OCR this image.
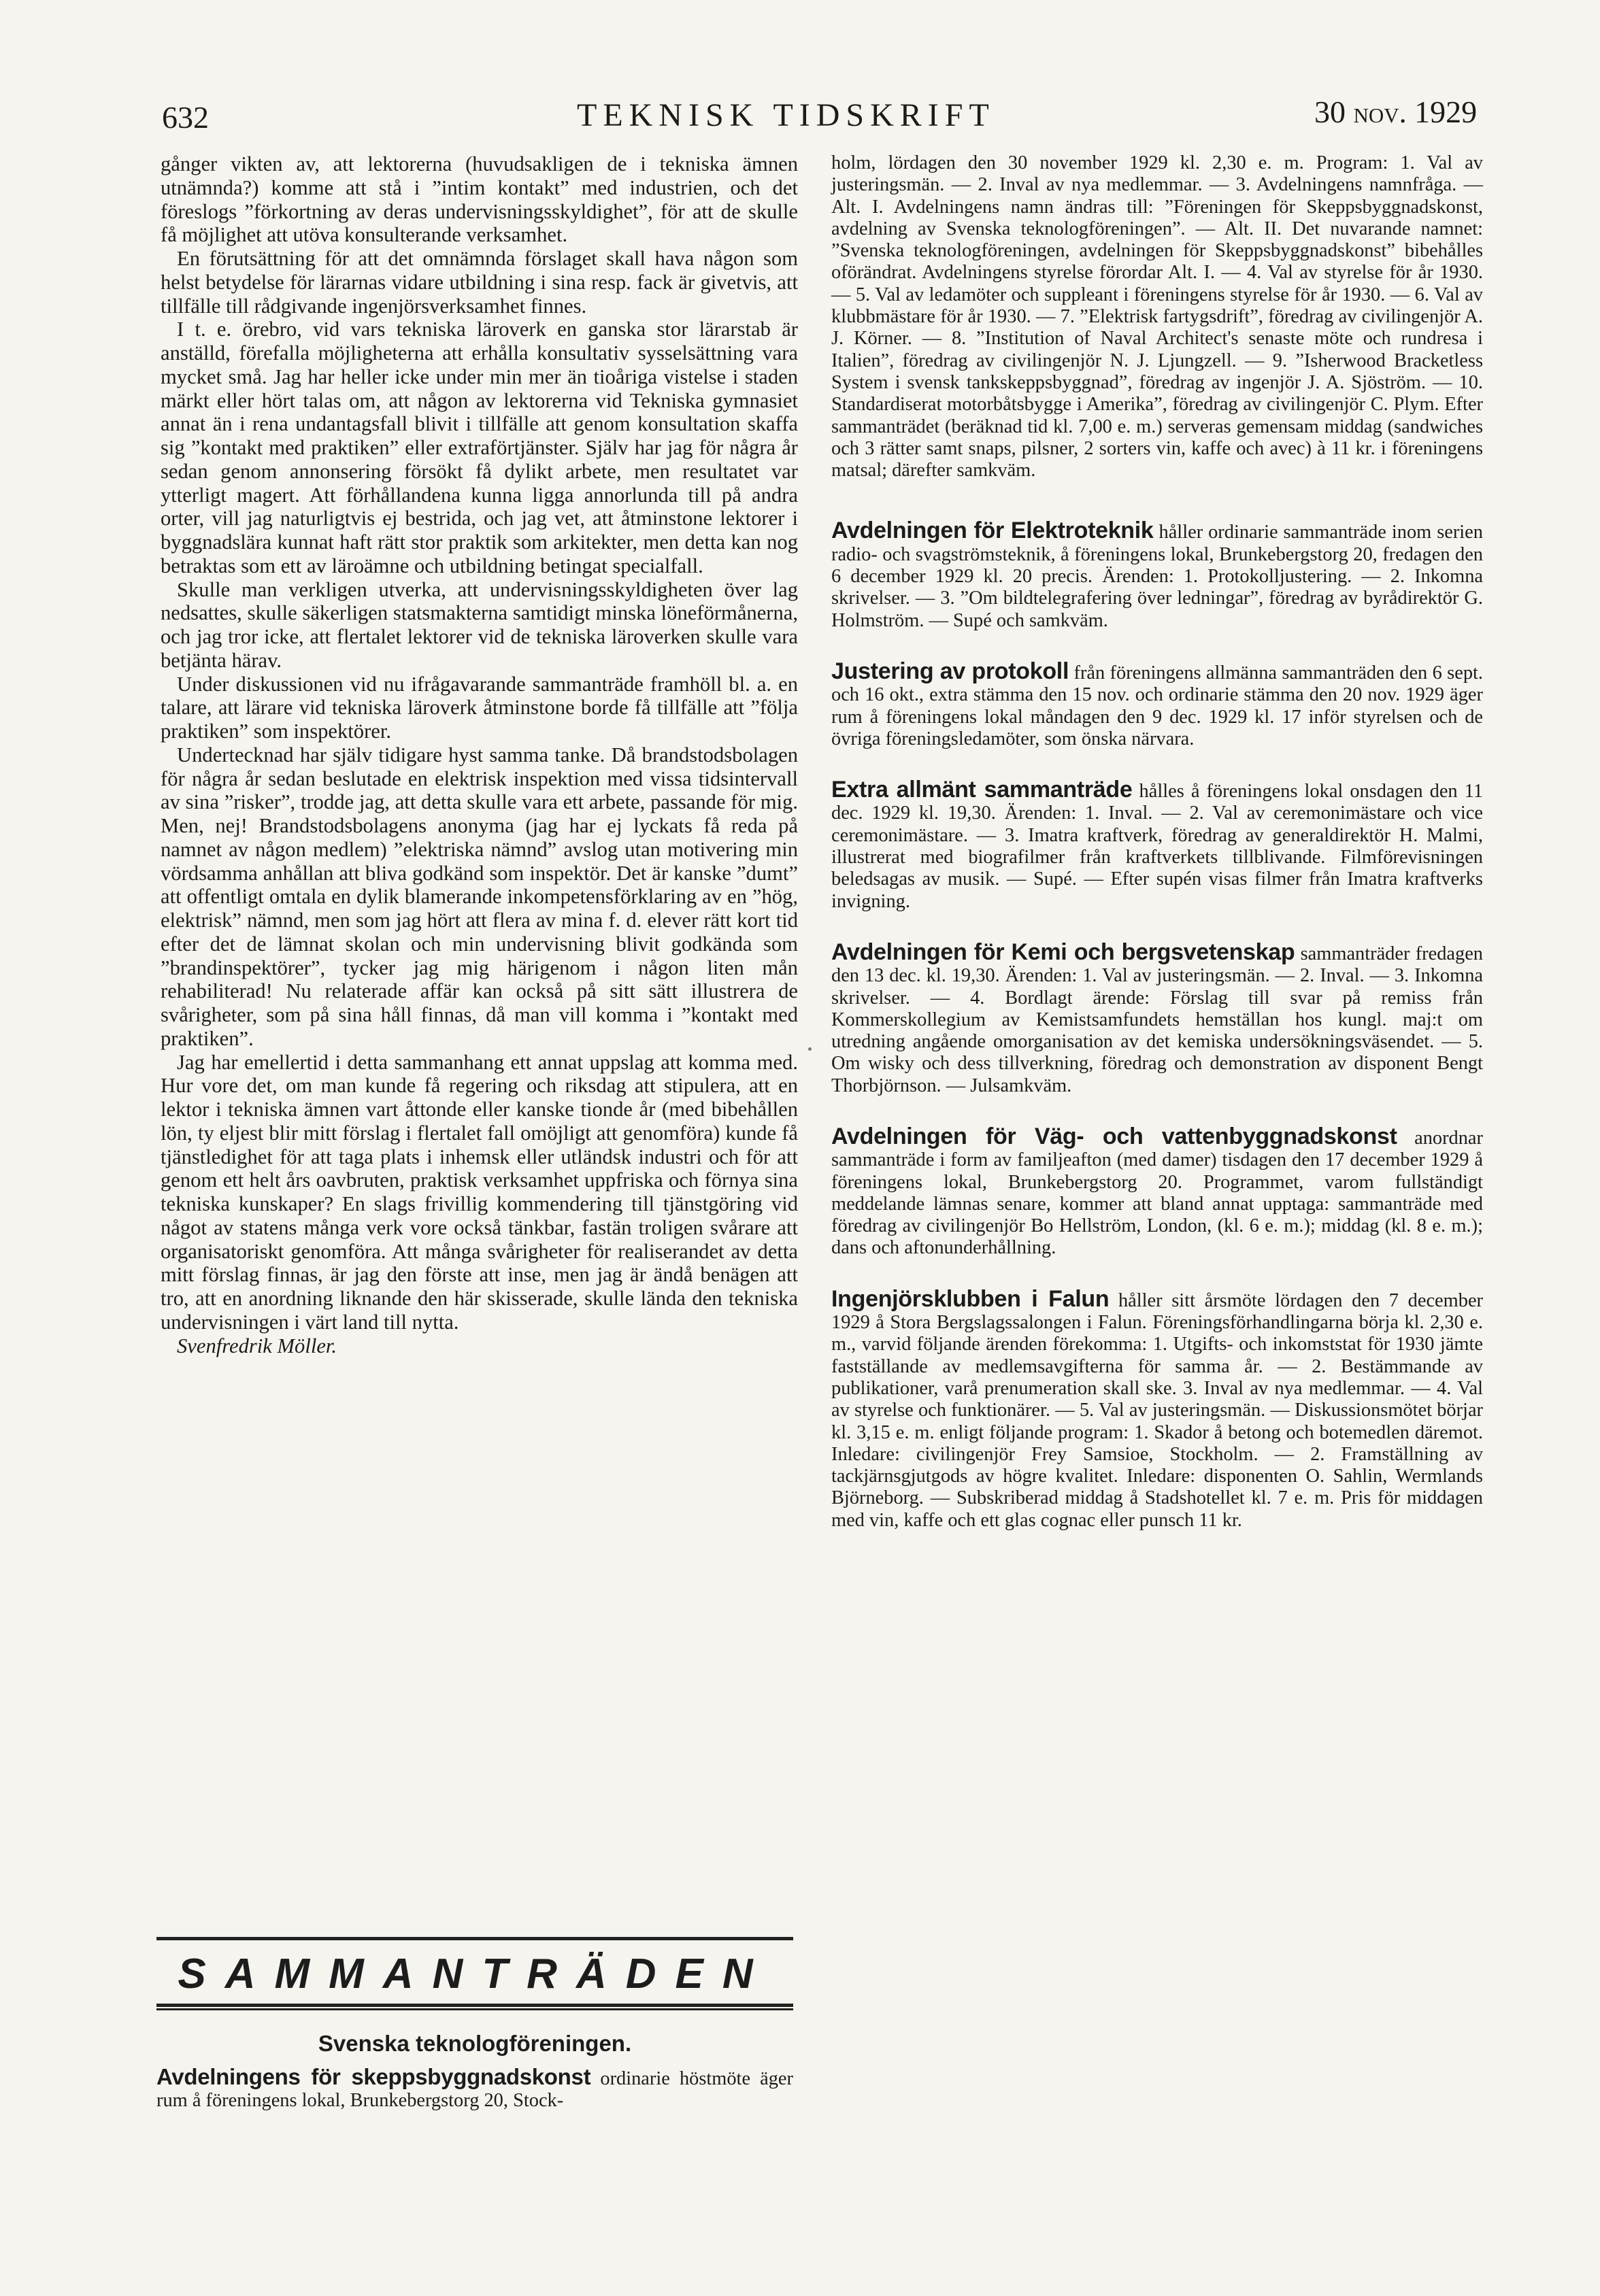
632	TEKNISK TIDSKRIFT	30 nov. 1929

gånger vikten av, att lektorerna (huvudsakligen de i tekniska ämnen utnämnda?) komme att stå i ”intim kontakt” med industrien, och det föreslogs ”förkortning av deras undervisningsskyldighet”, för att de skulle få möjlighet att utöva konsulterande verksamhet.

En förutsättning för att det omnämnda förslaget skall hava någon som helst betydelse för lärarnas vidare utbildning i sina resp. fack är givetvis, att tillfälle till rådgivande ingenjörsverksamhet finnes.

I t. e. örebro, vid vars tekniska läroverk en ganska stor lärarstab är anställd, förefalla möjligheterna att erhålla konsultativ sysselsättning vara mycket små. Jag har heller icke under min mer än tioåriga vistelse i staden märkt eller hört talas om, att någon av lektorerna vid Tekniska gymnasiet annat än i rena undantagsfall blivit i tillfälle att genom konsultation skaffa sig ”kontakt med praktiken” eller extraförtjänster. Själv har jag för några år sedan genom annonsering försökt få dylikt arbete, men resultatet var ytterligt magert. Att förhållandena kunna ligga annorlunda till på andra orter, vill jag naturligtvis ej bestrida, och jag vet, att åtminstone lektorer i byggnadslära kunnat haft rätt stor praktik som arkitekter, men detta kan nog betraktas som ett av läroämne och utbildning betingat specialfall.

Skulle man verkligen utverka, att undervisningsskyldigheten över lag nedsattes, skulle säkerligen statsmakterna samtidigt minska löneförmånerna, och jag tror icke, att flertalet lektorer vid de tekniska läroverken skulle vara betjänta härav.

Under diskussionen vid nu ifrågavarande sammanträde framhöll bl. a. en talare, att lärare vid tekniska läroverk åtminstone borde få tillfälle att ”följa praktiken” som inspektörer.

Undertecknad har själv tidigare hyst samma tanke. Då brandstodsbolagen för några år sedan beslutade en elektrisk inspektion med vissa tidsintervall av sina ”risker”, trodde jag, att detta skulle vara ett arbete, passande för mig. Men, nej! Brandstodsbolagens anonyma (jag har ej lyckats få reda på namnet av någon medlem) ”elektriska nämnd” avslog utan motivering min vördsamma anhållan att bliva godkänd som inspektör. Det är kanske ”dumt” att offentligt omtala en dylik blamerande inkompetensförklaring av en ”hög, elektrisk” nämnd, men som jag hört att flera av mina f. d. elever rätt kort tid efter det de lämnat skolan och min undervisning blivit godkända som ”brandinspektörer”, tycker jag mig härigenom i någon liten mån rehabiliterad! Nu relaterade affär kan också på sitt sätt illustrera de svårigheter, som på sina håll finnas, då man vill komma i ”kontakt med praktiken”.

Jag har emellertid i detta sammanhang ett annat uppslag att komma med. Hur vore det, om man kunde få regering och riksdag att stipulera, att en lektor i tekniska ämnen vart åttonde eller kanske tionde år (med bibehållen lön, ty eljest blir mitt förslag i flertalet fall omöjligt att genomföra) kunde få tjänstledighet för att taga plats i inhemsk eller utländsk industri och för att genom ett helt års oavbruten, praktisk verksamhet uppfriska och förnya sina tekniska kunskaper? En slags frivillig kommendering till tjänstgöring vid något av statens många verk vore också tänkbar, fastän troligen svårare att organisatoriskt genomföra. Att många svårigheter för realiserandet av detta mitt förslag finnas, är jag den förste att inse, men jag är ändå benägen att tro, att en anordning liknande den här skisserade, skulle lända den tekniska undervisningen i värt land till nytta.

Svenfredrik Möller.

SAMMANTRÄDEN
Svenska teknologföreningen.
Avdelningens för skeppsbyggnadskonst ordinarie höstmöte äger rum å föreningens lokal, Brunkebergstorg 20, Stock-

holm, lördagen den 30 november 1929 kl. 2,30 e. m. Program: 1. Val av justeringsmän. — 2. Inval av nya medlemmar. — 3. Avdelningens namnfråga. — Alt. I. Avdelningens namn ändras till: ”Föreningen för Skeppsbyggnadskonst, avdelning av Svenska teknologföreningen”. — Alt. II. Det nuvarande namnet: ”Svenska teknologföreningen, avdelningen för Skeppsbyggnadskonst” bibehålles oförändrat. Avdelningens styrelse förordar Alt. I. — 4. Val av styrelse för år 1930. — 5. Val av ledamöter och suppleant i föreningens styrelse för år 1930. — 6. Val av klubbmästare för år 1930. — 7. ”Elektrisk fartygsdrift”, föredrag av civilingenjör A. J. Körner. — 8. ”Institution of Naval Architect's senaste möte och rundresa i Italien”, föredrag av civilingenjör N. J. Ljungzell. — 9. ”Isherwood Bracketless System i svensk tankskeppsbyggnad”, föredrag av ingenjör J. A. Sjöström. — 10. Standardiserat motorbåtsbygge i Amerika”, föredrag av civilingenjör C. Plym. Efter sammanträdet (beräknad tid kl. 7,00 e. m.) serveras gemensam middag (sandwiches och 3 rätter samt snaps, pilsner, 2 sorters vin, kaffe och avec) à 11 kr. i föreningens matsal; därefter samkväm.

Avdelningen för Elektroteknik håller ordinarie sammanträde inom serien radio- och svagströmsteknik, å föreningens lokal, Brunkebergstorg 20, fredagen den 6 december 1929 kl. 20 precis. Ärenden: 1. Protokolljustering. — 2. Inkomna skrivelser. — 3. ”Om bildtelegrafering över ledningar”, föredrag av byrådirektör G. Holmström. — Supé och samkväm.

Justering av protokoll från föreningens allmänna sammanträden den 6 sept. och 16 okt., extra stämma den 15 nov. och ordinarie stämma den 20 nov. 1929 äger rum å föreningens lokal måndagen den 9 dec. 1929 kl. 17 inför styrelsen och de övriga föreningsledamöter, som önska närvara.

Extra allmänt sammanträde hålles å föreningens lokal onsdagen den 11 dec. 1929 kl. 19,30. Ärenden: 1. Inval. — 2. Val av ceremonimästare och vice ceremonimästare. — 3. Imatra kraftverk, föredrag av generaldirektör H. Malmi, illustrerat med biografilmer från kraftverkets tillblivande. Filmförevisningen beledsagas av musik. — Supé. — Efter supén visas filmer från Imatra kraftverks invigning.

Avdelningen för Kemi och bergsvetenskap sammanträder fredagen den 13 dec. kl. 19,30. Ärenden: 1. Val av justeringsmän. — 2. Inval. — 3. Inkomna skrivelser. — 4. Bordlagt ärende: Förslag till svar på remiss från Kommerskollegium av Kemistsamfundets hemställan hos kungl. maj:t om utredning angående omorganisation av det kemiska undersökningsväsendet. — 5. Om wisky och dess tillverkning, föredrag och demonstration av disponent Bengt Thorbjörnson. — Julsamkväm.

Avdelningen för Väg- och vattenbyggnadskonst anordnar sammanträde i form av familjeafton (med damer) tisdagen den 17 december 1929 å föreningens lokal, Brunkebergstorg 20. Programmet, varom fullständigt meddelande lämnas senare, kommer att bland annat upptaga: sammanträde med föredrag av civilingenjör Bo Hellström, London, (kl. 6 e. m.); middag (kl. 8 e. m.); dans och aftonunderhållning.

Ingenjörsklubben i Falun håller sitt årsmöte lördagen den 7 december 1929 å Stora Bergslagssalongen i Falun. Föreningsförhandlingarna börja kl. 2,30 e. m., varvid följande ärenden förekomma: 1. Utgifts- och inkomststat för 1930 jämte fastställande av medlemsavgifterna för samma år. — 2. Bestämmande av publikationer, varå prenumeration skall ske. 3. Inval av nya medlemmar. — 4. Val av styrelse och funktionärer. — 5. Val av justeringsmän. — Diskussionsmötet börjar kl. 3,15 e. m. enligt följande program: 1. Skador å betong och botemedlen däremot. Inledare: civilingenjör Frey Samsioe, Stockholm. — 2. Framställning av tackjärnsgjutgods av högre kvalitet. Inledare: disponenten O. Sahlin, Wermlands Björneborg. — Subskriberad middag å Stadshotellet kl. 7 e. m. Pris för middagen med vin, kaffe och ett glas cognac eller punsch 11 kr.
